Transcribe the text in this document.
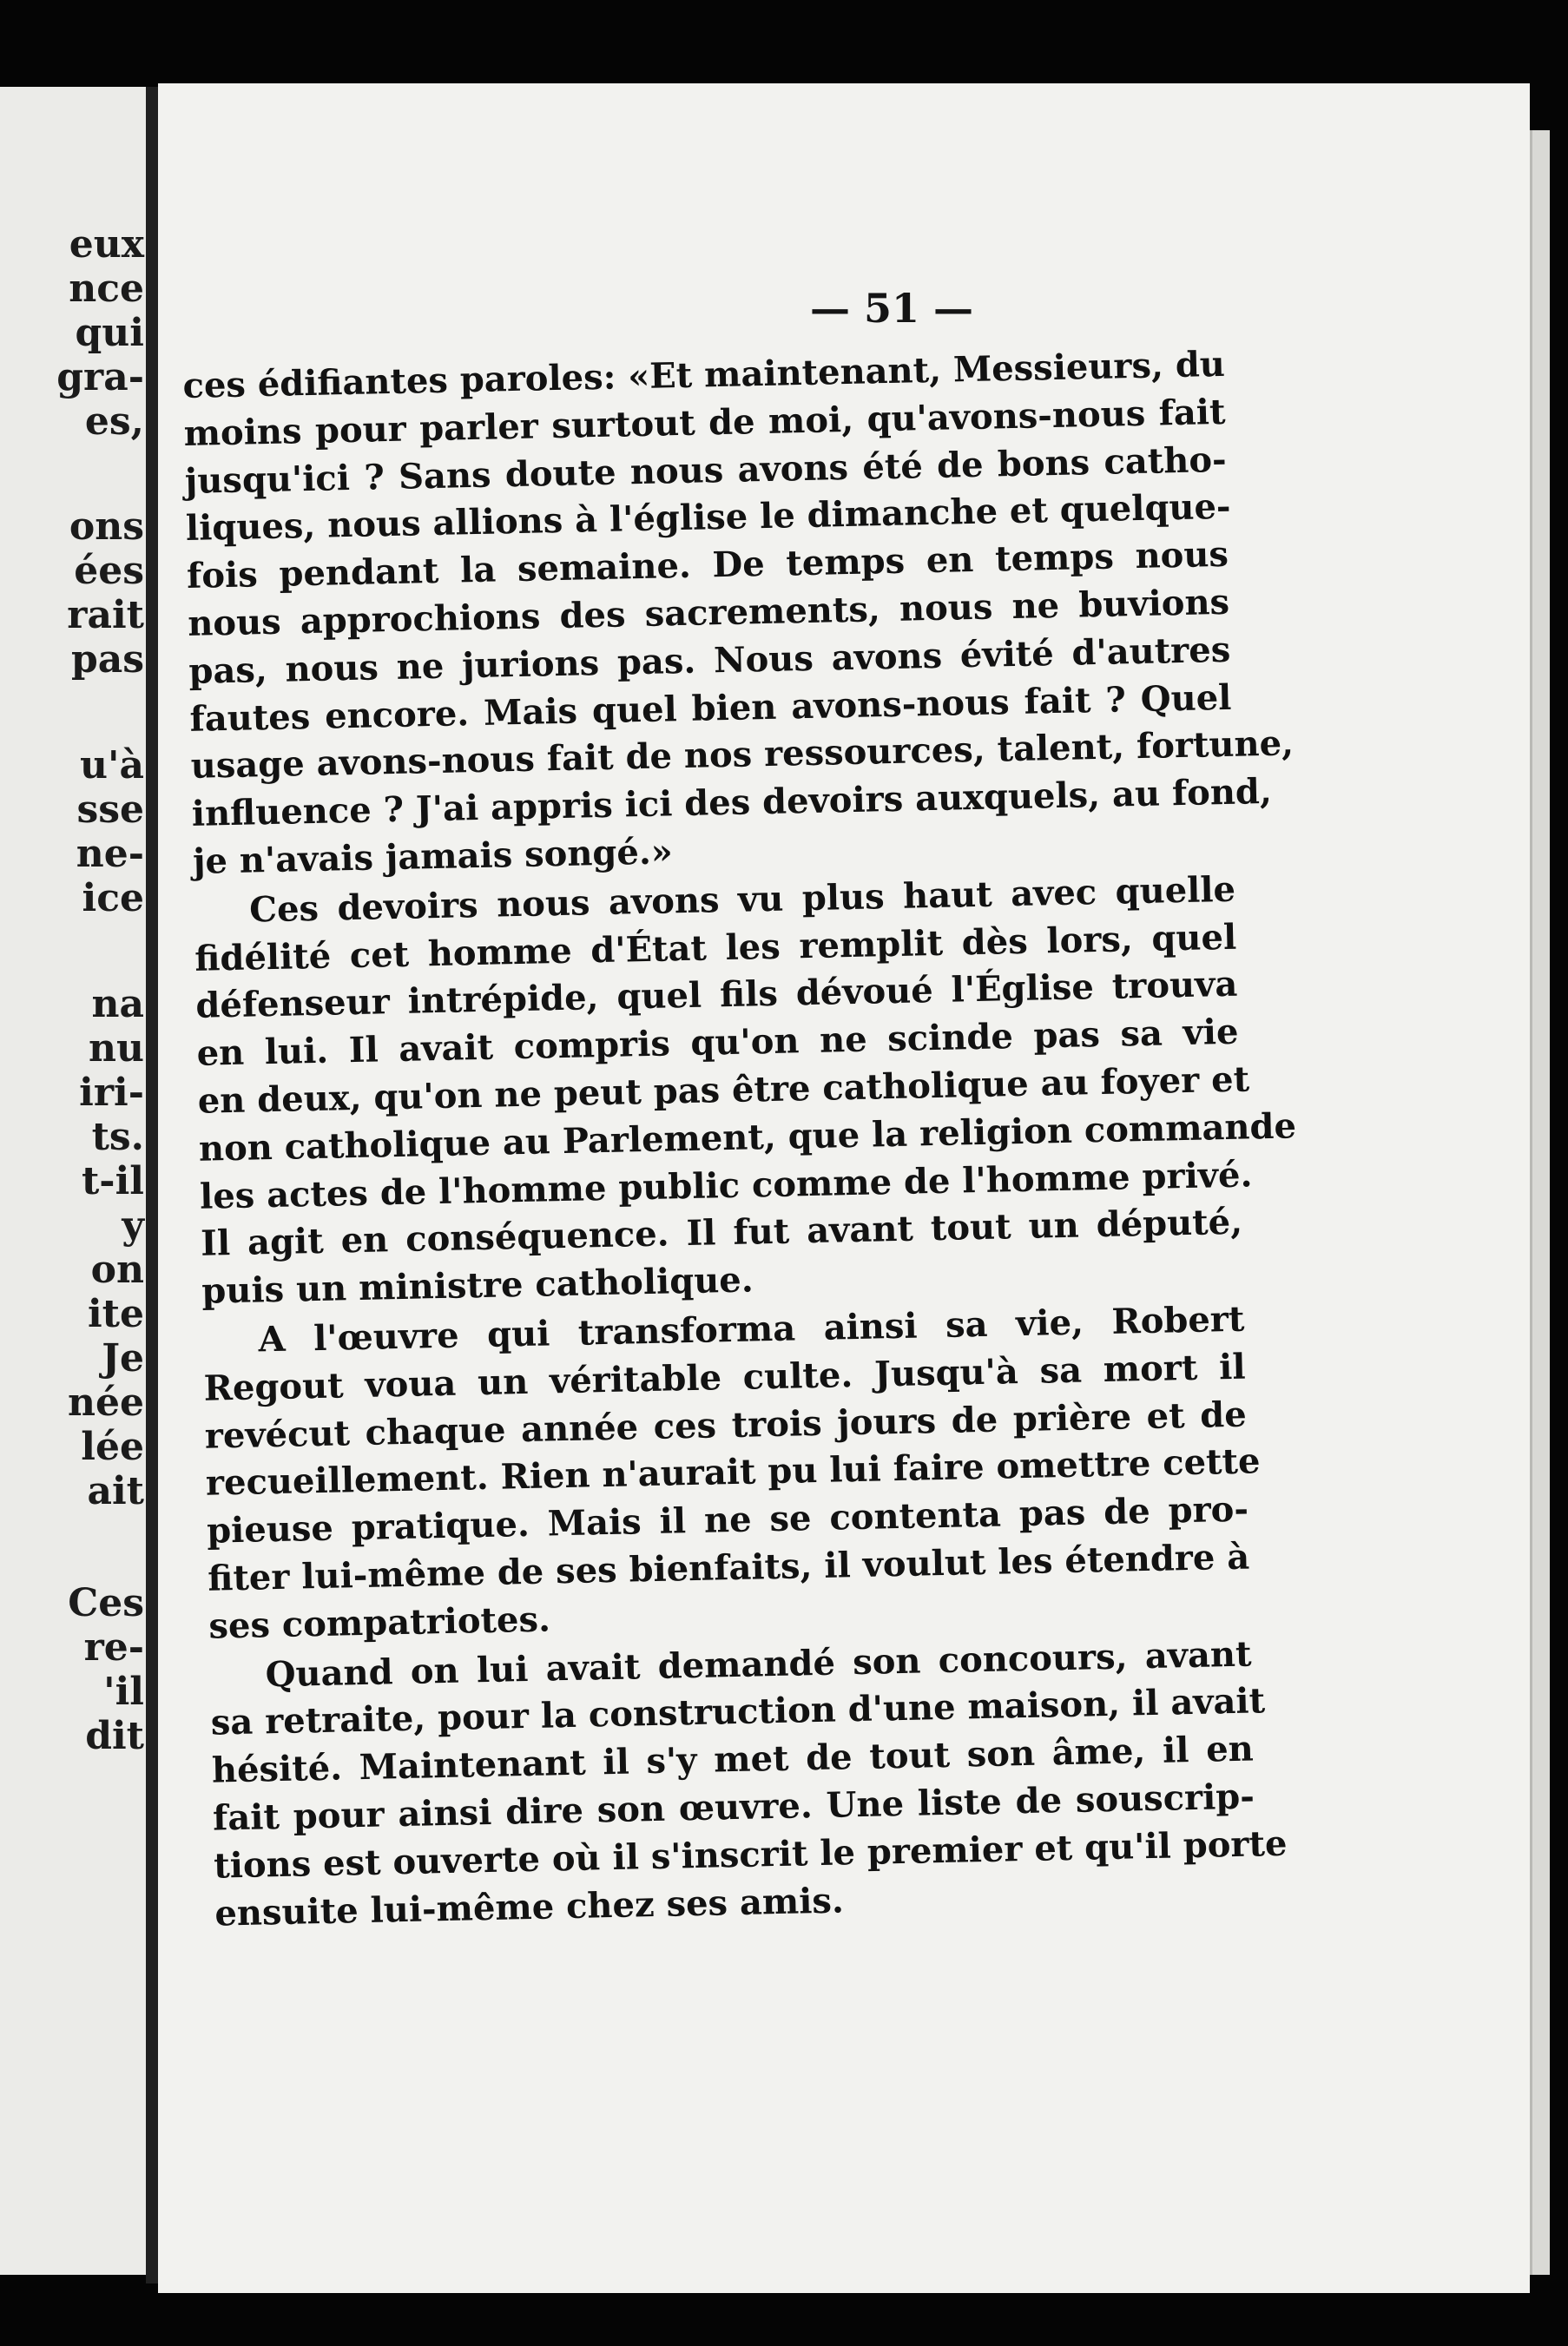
eux
nce
qui
gra-
es,
ons
ées
rait
pas
u'à
sse
ne-
ice
na
nu
iri-
ts.
t-il
y
on
ite
Je
née
lée
ait
Ces
re-
'il
dit
— 51 —
ces édifiantes paroles: «Et maintenant, Messieurs, du
moins pour parler surtout de moi, qu'avons-nous fait
jusqu'ici ? Sans doute nous avons été de bons catho-
liques, nous allions à l'église le dimanche et quelque-
fois pendant la semaine. De temps en temps nous
nous approchions des sacrements, nous ne buvions
pas, nous ne jurions pas. Nous avons évité d'autres
fautes encore. Mais quel bien avons-nous fait ? Quel
usage avons-nous fait de nos ressources, talent, fortune,
influence ? J'ai appris ici des devoirs auxquels, au fond,
je n'avais jamais songé.»
Ces devoirs nous avons vu plus haut avec quelle
fidélité cet homme d'État les remplit dès lors, quel
défenseur intrépide, quel fils dévoué l'Église trouva
en lui. Il avait compris qu'on ne scinde pas sa vie
en deux, qu'on ne peut pas être catholique au foyer et
non catholique au Parlement, que la religion commande
les actes de l'homme public comme de l'homme privé.
Il agit en conséquence. Il fut avant tout un député,
puis un ministre catholique.
A l'œuvre qui transforma ainsi sa vie, Robert
Regout voua un véritable culte. Jusqu'à sa mort il
revécut chaque année ces trois jours de prière et de
recueillement. Rien n'aurait pu lui faire omettre cette
pieuse pratique. Mais il ne se contenta pas de pro-
fiter lui-même de ses bienfaits, il voulut les étendre à
ses compatriotes.
Quand on lui avait demandé son concours, avant
sa retraite, pour la construction d'une maison, il avait
hésité. Maintenant il s'y met de tout son âme, il en
fait pour ainsi dire son œuvre. Une liste de souscrip-
tions est ouverte où il s'inscrit le premier et qu'il porte
ensuite lui-même chez ses amis.
